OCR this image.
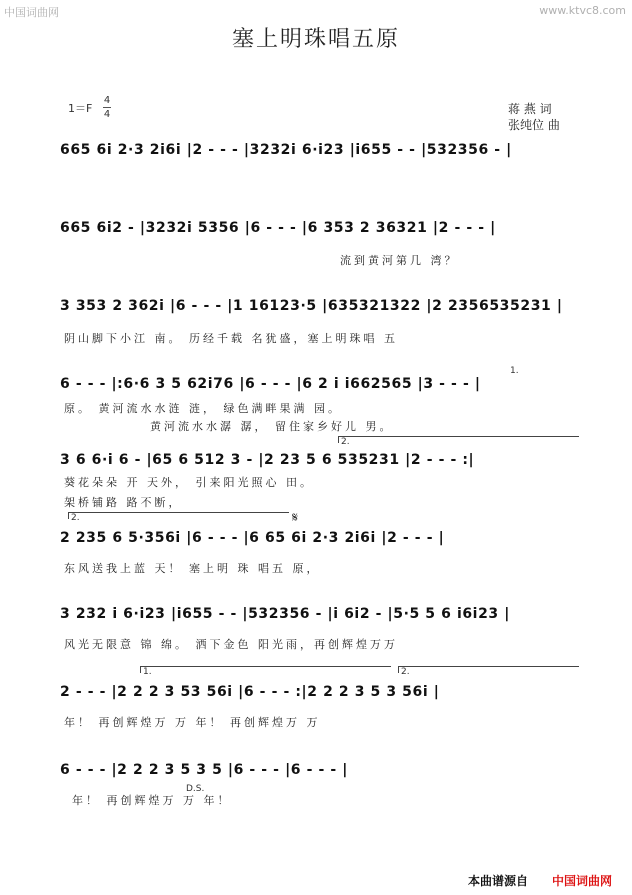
中国词曲网	www.ktvc8.com
塞上明珠唱五原
1＝F
4
4	蒋 燕 词
张纯位 曲
665 6i 2·3 2i6i |2 - - - |3232i 6·i23 |i655 - - |532356 - |
665 6i2 - |3232i 5356 |6 - - - |6 353 2 36321 |2 - - - |
流到黄河第几 湾？
3 353 2 362i |6 - - - |1 16123·5 |635321322 |2 2356535231 |
阴山脚下小江 南。 历经千载 名犹盛，塞上明珠唱 五
1.
6 - - - |:6·6 3 5 62i76 |6 - - - |6 2 i i662565 |3 - - - |
原。 黄河流水水涟 涟， 绿色满畔果满 园。
黄河流水水潺 潺， 留住家乡好儿 男。
2.
3 6 6·i 6 - |65 6 512 3 - |2 23 5 6 535231 |2 - - - :|
葵花朵朵 开 天外， 引来阳光照心 田。
架桥铺路 路不断，
2.	𝄋
2 235 6 5·356i |6 - - - |6 65 6i 2·3 2i6i |2 - - - |
东风送我上蓝 天！ 塞上明 珠 唱五 原，
3 232 i 6·i23 |i655 - - |532356 - |i 6i2 - |5·5 5 6 i6i23 |
风光无限意 锦 绵。 洒下金色 阳光雨，再创辉煌万万
1.	2.
2 - - - |2 2 2 3 53 56i |6 - - - :|2 2 2 3 5 3 56i |
年！ 再创辉煌万 万 年！ 再创辉煌万 万
6 - - - |2 2 2 3 5 3 5 |6 - - - |6 - - - |
D.S.
年！ 再创辉煌万 万 年！
本曲谱源自 中国词曲网
